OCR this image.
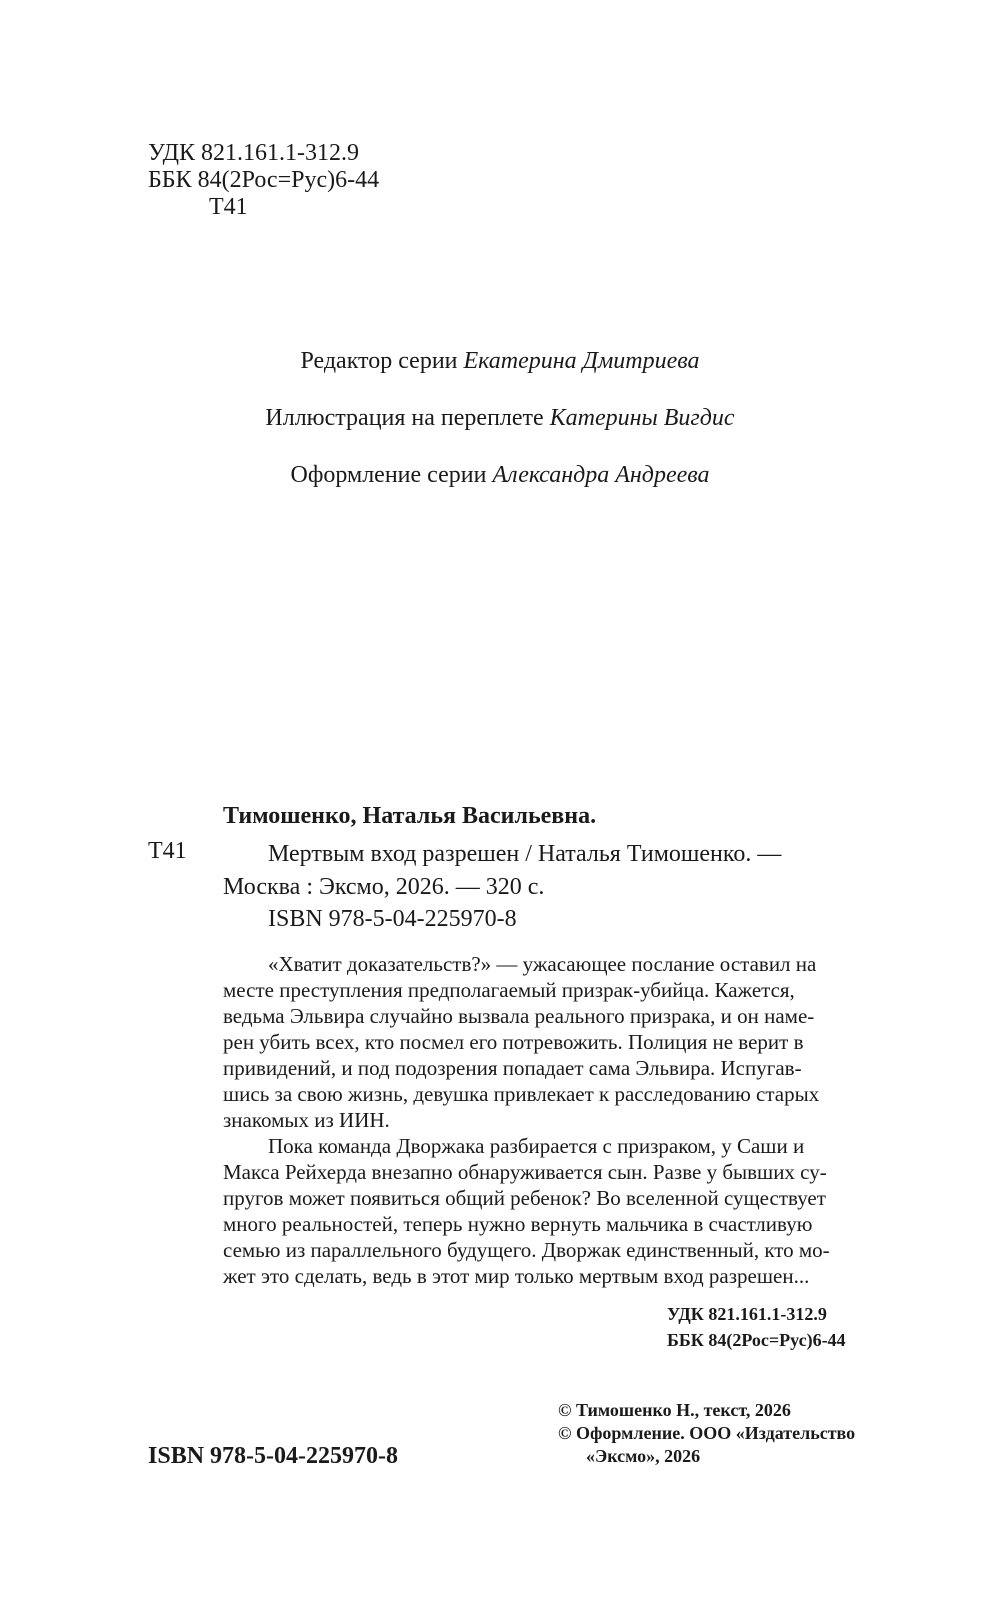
УДК 821.161.1-312.9
ББК 84(2Рос=Рус)6-44
Т41
Редактор серии Екатерина Дмитриева
Иллюстрация на переплете Катерины Вигдис
Оформление серии Александра Андреева
Т41
Тимошенко, Наталья Васильевна.
Мертвым вход разрешен / Наталья Тимошенко. —
Москва : Эксмо, 2026. — 320 с.
ISBN 978-5-04-225970-8
«Хватит доказательств?» — ужасающее послание оставил на
месте преступления предполагаемый призрак-убийца. Кажется,
ведьма Эльвира случайно вызвала реального призрака, и он наме-
рен убить всех, кто посмел его потревожить. Полиция не верит в
привидений, и под подозрения попадает сама Эльвира. Испугав-
шись за свою жизнь, девушка привлекает к расследованию старых
знакомых из ИИН.
Пока команда Дворжака разбирается с призраком, у Саши и
Макса Рейхерда внезапно обнаруживается сын. Разве у бывших су-
пругов может появиться общий ребенок? Во вселенной существует
много реальностей, теперь нужно вернуть мальчика в счастливую
семью из параллельного будущего. Дворжак единственный, кто мо-
жет это сделать, ведь в этот мир только мертвым вход разрешен...
УДК 821.161.1-312.9
ББК 84(2Рос=Рус)6-44
ISBN 978-5-04-225970-8
© Тимошенко Н., текст, 2026
© Оформление. ООО «Издательство
«Эксмо», 2026
